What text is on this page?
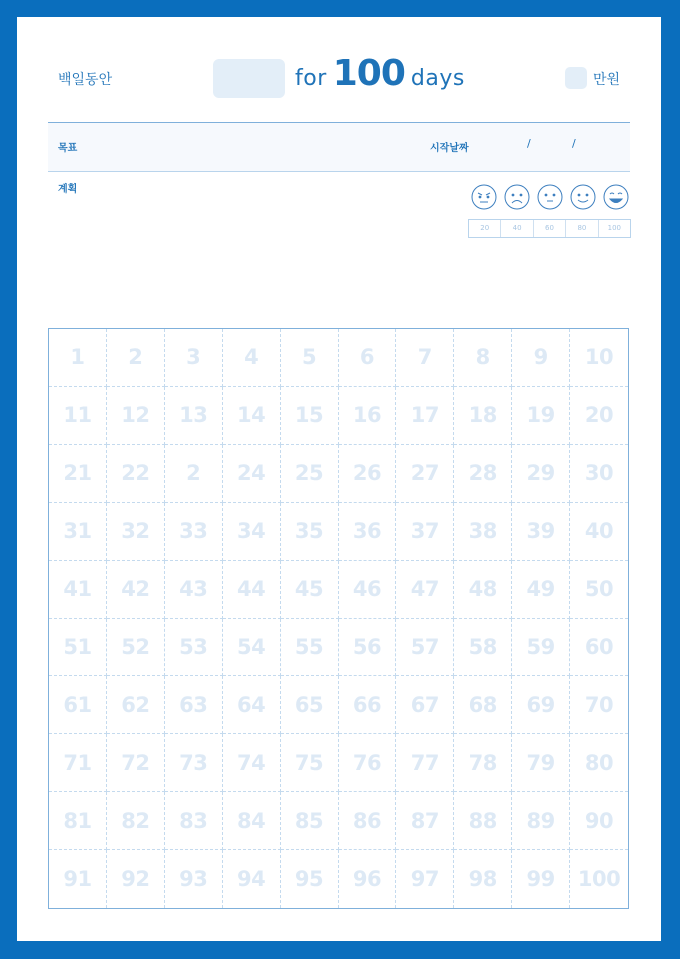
백일동안	for 100 days	만원
목표	시작날짜	/	/
계획
20	40	60	80	100
1	2	3	4	5	6	7	8	9	10
11	12	13	14	15	16	17	18	19	20
21	22	2	24	25	26	27	28	29	30
31	32	33	34	35	36	37	38	39	40
41	42	43	44	45	46	47	48	49	50
51	52	53	54	55	56	57	58	59	60
61	62	63	64	65	66	67	68	69	70
71	72	73	74	75	76	77	78	79	80
81	82	83	84	85	86	87	88	89	90
91	92	93	94	95	96	97	98	99	100
